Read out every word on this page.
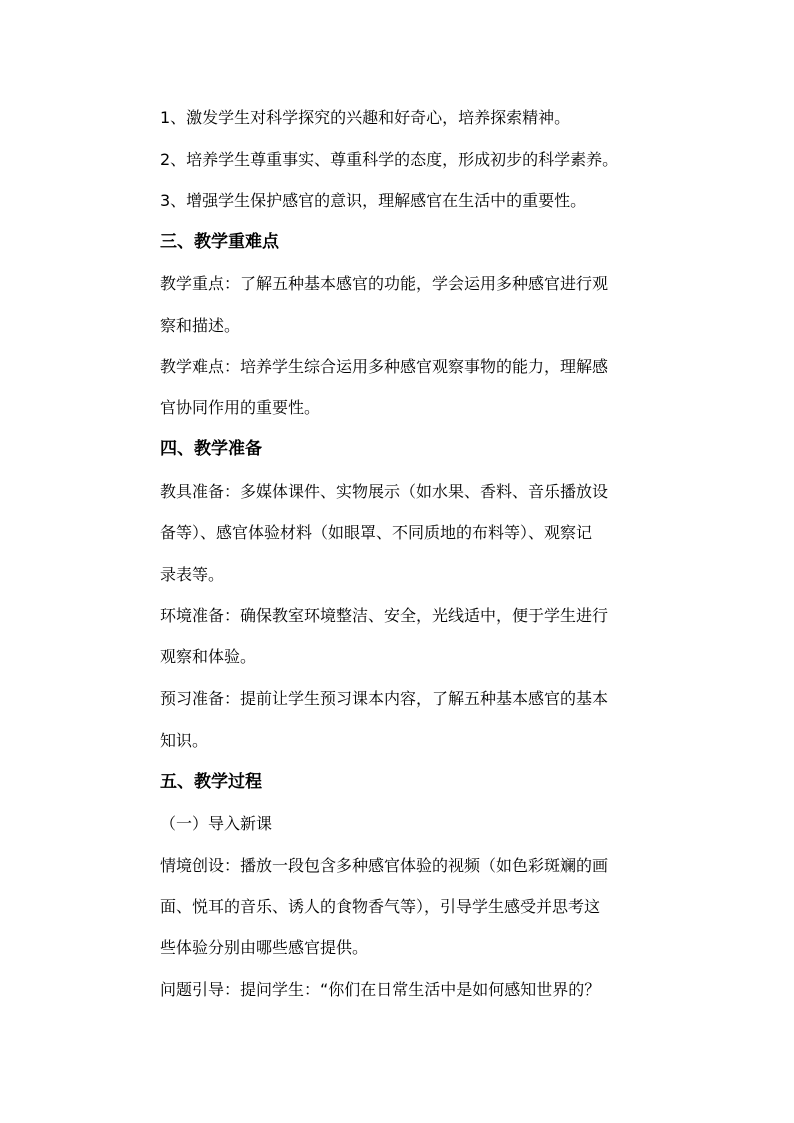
1、激发学生对科学探究的兴趣和好奇心，培养探索精神。
2、培养学生尊重事实、尊重科学的态度，形成初步的科学素养。
3、增强学生保护感官的意识，理解感官在生活中的重要性。
三、教学重难点
教学重点：了解五种基本感官的功能，学会运用多种感官进行观
察和描述。
教学难点：培养学生综合运用多种感官观察事物的能力，理解感
官协同作用的重要性。
四、教学准备
教具准备：多媒体课件、实物展示（如水果、香料、音乐播放设
备等）、感官体验材料（如眼罩、不同质地的布料等）、观察记
录表等。
环境准备：确保教室环境整洁、安全，光线适中，便于学生进行
观察和体验。
预习准备：提前让学生预习课本内容，了解五种基本感官的基本
知识。
五、教学过程
（一）导入新课
情境创设：播放一段包含多种感官体验的视频（如色彩斑斓的画
面、悦耳的音乐、诱人的食物香气等），引导学生感受并思考这
些体验分别由哪些感官提供。
问题引导：提问学生：“你们在日常生活中是如何感知世界的？
